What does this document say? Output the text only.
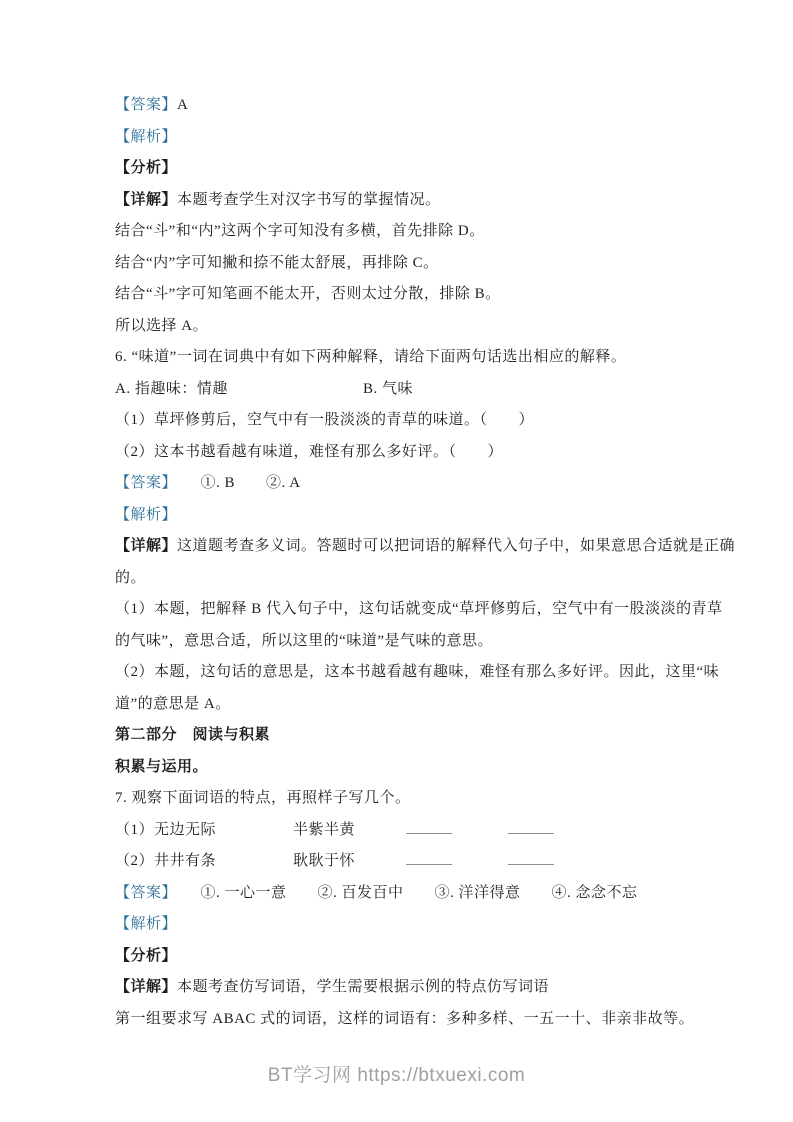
【答案】A
【解析】
【分析】
【详解】本题考查学生对汉字书写的掌握情况。
结合“斗”和“内”这两个字可知没有多横，首先排除 D。
结合“内”字可知撇和捺不能太舒展，再排除 C。
结合“斗”字可知笔画不能太开，否则太过分散，排除 B。
所以选择 A。
6. “味道”一词在词典中有如下两种解释，请给下面两句话选出相应的解释。
A. 指趣味：情趣	B. 气味
（1）草坪修剪后，空气中有一股淡淡的青草的味道。（　　）
（2）这本书越看越有味道，难怪有那么多好评。（　　）
【答案】　　①. B　　②. A
【解析】
【详解】这道题考查多义词。答题时可以把词语的解释代入句子中，如果意思合适就是正确
的。
（1）本题，把解释 B 代入句子中，这句话就变成“草坪修剪后，空气中有一股淡淡的青草
的气味”，意思合适，所以这里的“味道”是气味的意思。
（2）本题，这句话的意思是，这本书越看越有趣味，难怪有那么多好评。因此，这里“味
道”的意思是 A。
第二部分　阅读与积累
积累与运用。
7. 观察下面词语的特点，再照样子写几个。
（1）无边无际	半紫半黄
（2）井井有条	耿耿于怀
【答案】　　①. 一心一意　　②. 百发百中　　③. 洋洋得意　　④. 念念不忘
【解析】
【分析】
【详解】本题考查仿写词语，学生需要根据示例的特点仿写词语
第一组要求写 ABAC 式的词语，这样的词语有：多种多样、一五一十、非亲非故等。
BT学习网 https://btxuexi.com
